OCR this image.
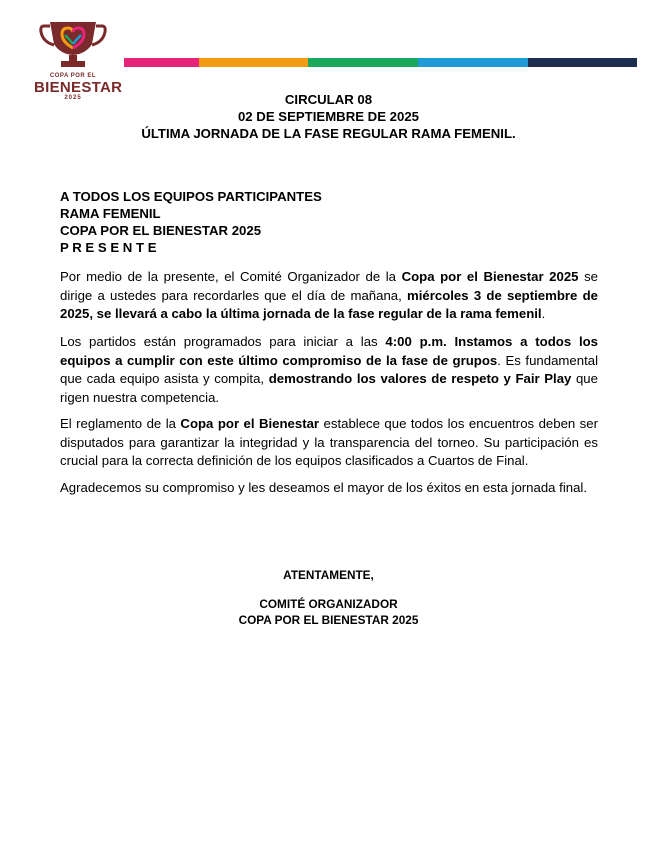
COPA POR EL
BIENESTAR
2025	CIRCULAR 08
02 DE SEPTIEMBRE DE 2025
ÚLTIMA JORNADA DE LA FASE REGULAR RAMA FEMENIL.
A TODOS LOS EQUIPOS PARTICIPANTES
RAMA FEMENIL
COPA POR EL BIENESTAR 2025
P R E S E N T E
Por medio de la presente, el Comité Organizador de la Copa por el Bienestar 2025 se dirige a ustedes para recordarles que el día de mañana, miércoles 3 de septiembre de 2025, se llevará a cabo la última jornada de la fase regular de la rama femenil.
Los partidos están programados para iniciar a las 4:00 p.m. Instamos a todos los equipos a cumplir con este último compromiso de la fase de grupos. Es fundamental que cada equipo asista y compita, demostrando los valores de respeto y Fair Play que rigen nuestra competencia.
El reglamento de la Copa por el Bienestar establece que todos los encuentros deben ser disputados para garantizar la integridad y la transparencia del torneo. Su participación es crucial para la correcta definición de los equipos clasificados a Cuartos de Final.
Agradecemos su compromiso y les deseamos el mayor de los éxitos en esta jornada final.
ATENTAMENTE,
COMITÉ ORGANIZADOR
COPA POR EL BIENESTAR 2025
